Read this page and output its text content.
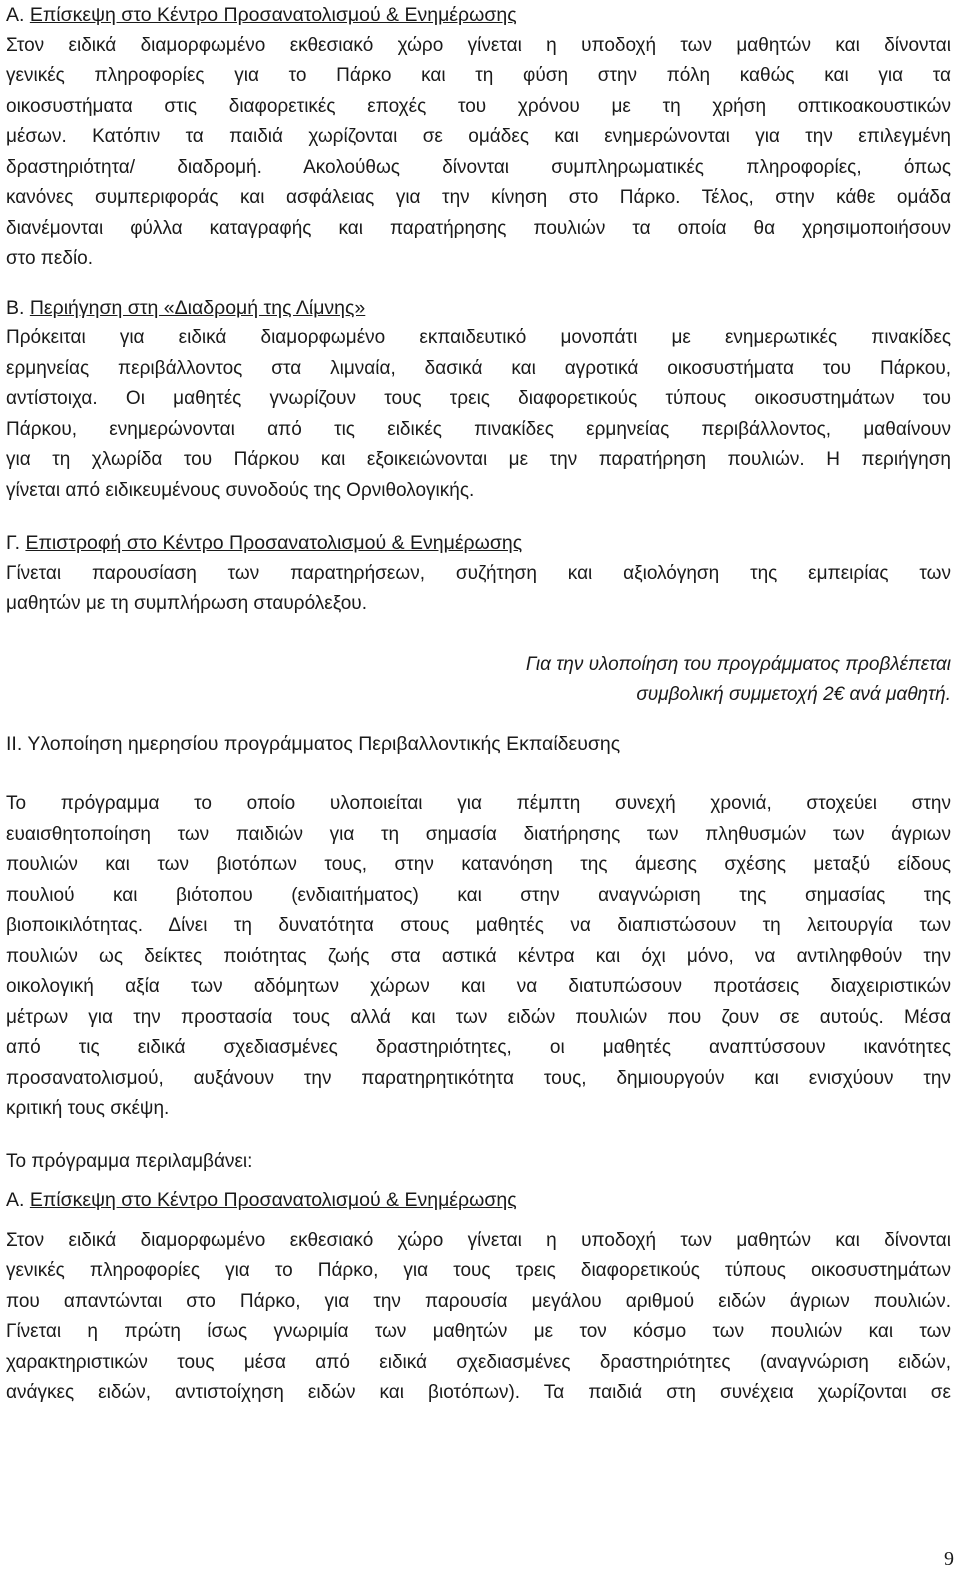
Α. Επίσκεψη στο Κέντρο Προσανατολισμού & Ενημέρωσης
Στον ειδικά διαμορφωμένο εκθεσιακό χώρο γίνεται η υποδοχή των μαθητών και δίνονται
γενικές πληροφορίες για το Πάρκο και τη φύση στην πόλη καθώς και για τα
οικοσυστήματα στις διαφορετικές εποχές του χρόνου με τη χρήση οπτικοακουστικών
μέσων. Κατόπιν τα παιδιά χωρίζονται σε ομάδες και ενημερώνονται για την επιλεγμένη
δραστηριότητα/ διαδρομή. Ακολούθως δίνονται συμπληρωματικές πληροφορίες, όπως
κανόνες συμπεριφοράς και ασφάλειας για την κίνηση στο Πάρκο. Τέλος, στην κάθε ομάδα
διανέμονται φύλλα καταγραφής και παρατήρησης πουλιών τα οποία θα χρησιμοποιήσουν
στο πεδίο.
Β. Περιήγηση στη «Διαδρομή της Λίμνης»
Πρόκειται για ειδικά διαμορφωμένο εκπαιδευτικό μονοπάτι με ενημερωτικές πινακίδες
ερμηνείας περιβάλλοντος στα λιμναία, δασικά και αγροτικά οικοσυστήματα του Πάρκου,
αντίστοιχα. Οι μαθητές γνωρίζουν τους τρεις διαφορετικούς τύπους οικοσυστημάτων του
Πάρκου, ενημερώνονται από τις ειδικές πινακίδες ερμηνείας περιβάλλοντος, μαθαίνουν
για τη χλωρίδα του Πάρκου και εξοικειώνονται με την παρατήρηση πουλιών. Η περιήγηση
γίνεται από ειδικευμένους συνοδούς της Ορνιθολογικής.
Γ. Επιστροφή στο Κέντρο Προσανατολισμού & Ενημέρωσης
Γίνεται παρουσίαση των παρατηρήσεων, συζήτηση και αξιολόγηση της εμπειρίας των
μαθητών με τη συμπλήρωση σταυρόλεξου.
Για την υλοποίηση του προγράμματος προβλέπεται
συμβολική συμμετοχή 2€ ανά μαθητή.
ΙΙ. Υλοποίηση ημερησίου προγράμματος Περιβαλλοντικής Εκπαίδευσης
Το πρόγραμμα το οποίο υλοποιείται για πέμπτη συνεχή χρονιά, στοχεύει στην
ευαισθητοποίηση των παιδιών για τη σημασία διατήρησης των πληθυσμών των άγριων
πουλιών και των βιοτόπων τους, στην κατανόηση της άμεσης σχέσης μεταξύ είδους
πουλιού και βιότοπου (ενδιαιτήματος) και στην αναγνώριση της σημασίας της
βιοποικιλότητας. Δίνει τη δυνατότητα στους μαθητές να διαπιστώσουν τη λειτουργία των
πουλιών ως δείκτες ποιότητας ζωής στα αστικά κέντρα και όχι μόνο, να αντιληφθούν την
οικολογική αξία των αδόμητων χώρων και να διατυπώσουν προτάσεις διαχειριστικών
μέτρων για την προστασία τους αλλά και των ειδών πουλιών που ζουν σε αυτούς. Μέσα
από τις ειδικά σχεδιασμένες δραστηριότητες, οι μαθητές αναπτύσσουν ικανότητες
προσανατολισμού, αυξάνουν την παρατηρητικότητα τους, δημιουργούν και ενισχύουν την
κριτική τους σκέψη.
Το πρόγραμμα περιλαμβάνει:
Α. Επίσκεψη στο Κέντρο Προσανατολισμού & Ενημέρωσης
Στον ειδικά διαμορφωμένο εκθεσιακό χώρο γίνεται η υποδοχή των μαθητών και δίνονται
γενικές πληροφορίες για το Πάρκο, για τους τρεις διαφορετικούς τύπους οικοσυστημάτων
που απαντώνται στο Πάρκο, για την παρουσία μεγάλου αριθμού ειδών άγριων πουλιών.
Γίνεται η πρώτη ίσως γνωριμία των μαθητών με τον κόσμο των πουλιών και των
χαρακτηριστικών τους μέσα από ειδικά σχεδιασμένες δραστηριότητες (αναγνώριση ειδών,
ανάγκες ειδών, αντιστοίχηση ειδών και βιοτόπων). Τα παιδιά στη συνέχεια χωρίζονται σε
9
